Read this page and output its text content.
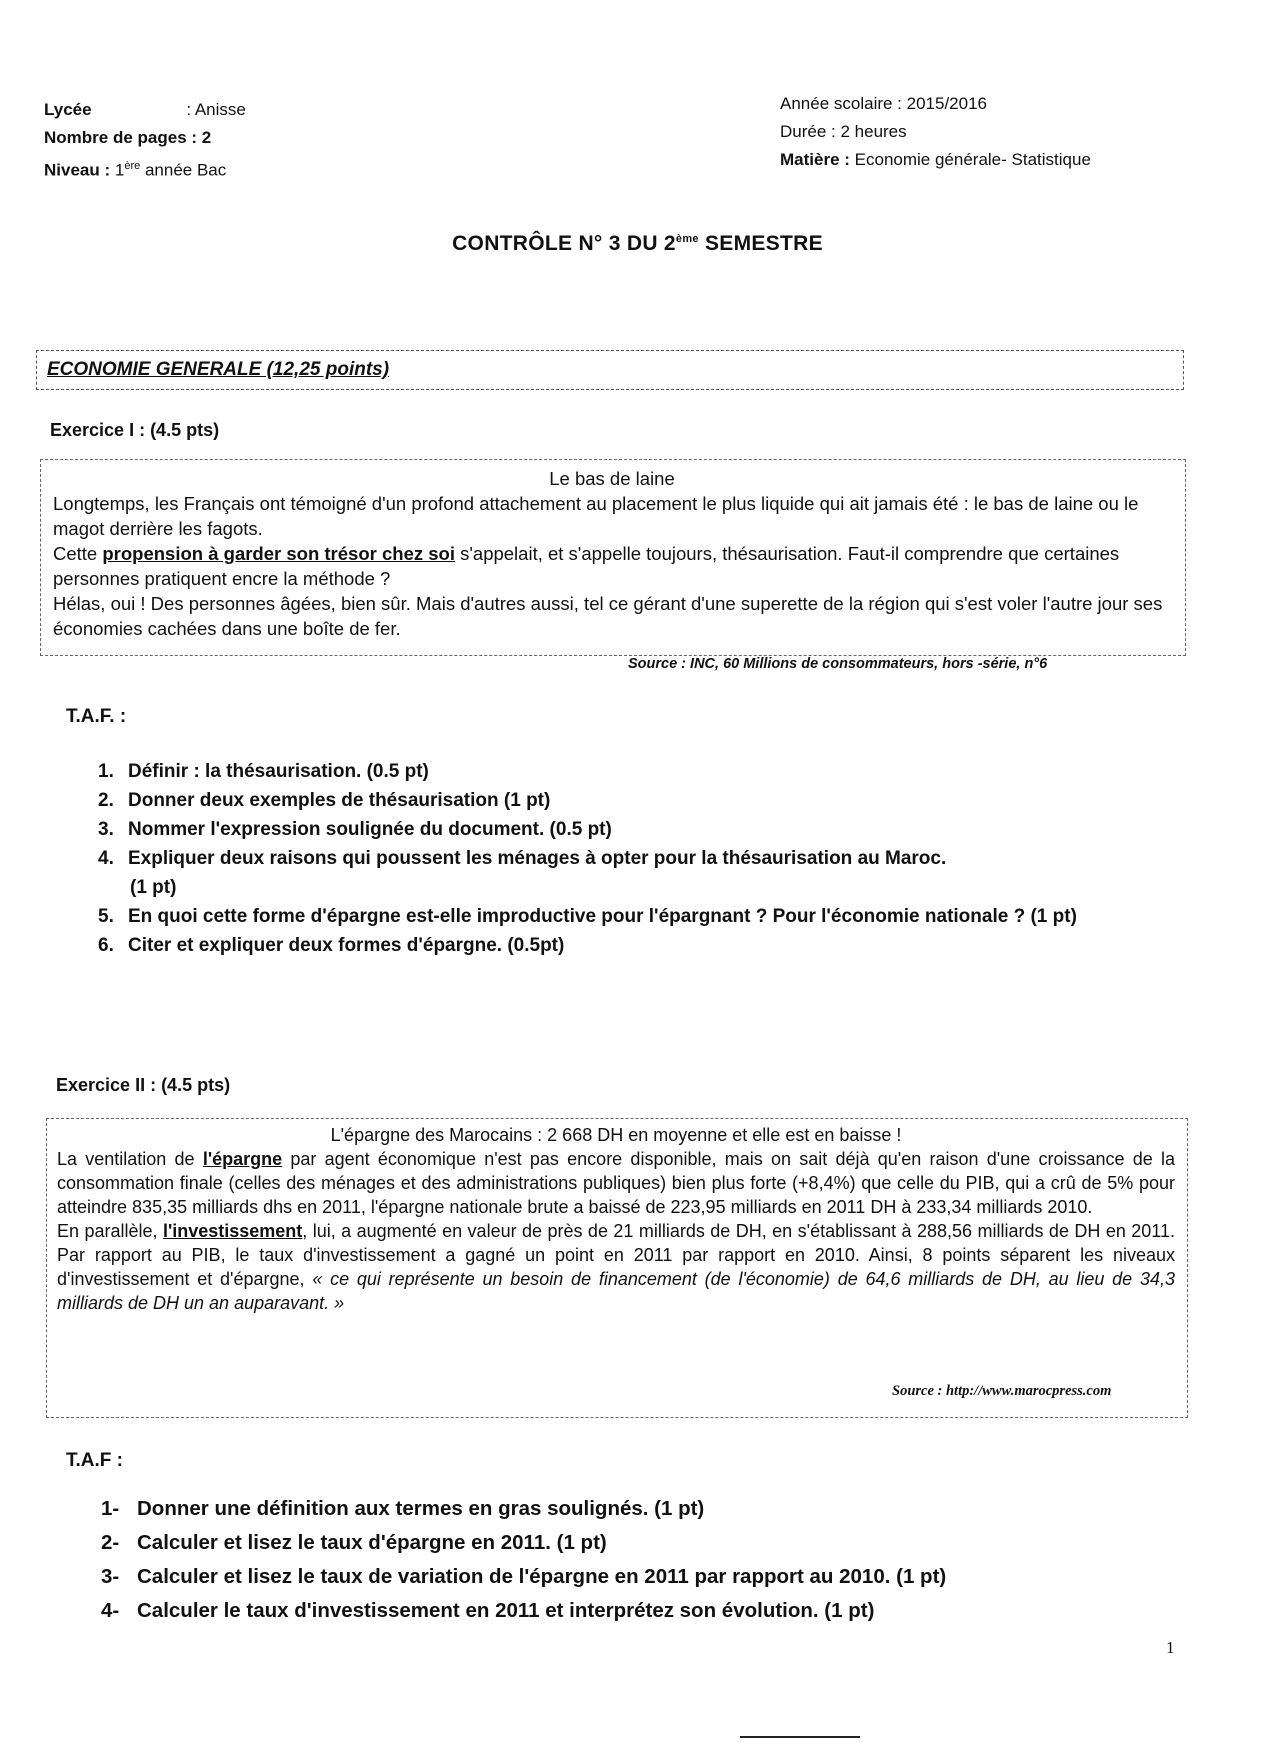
Lycée	: Anisse
Nombre de pages : 2
Niveau : 1ère année Bac
Année scolaire : 2015/2016
Durée : 2 heures
Matière : Economie générale- Statistique
CONTRÔLE N° 3 DU 2ème SEMESTRE
ECONOMIE GENERALE (12,25 points)
Exercice I : (4.5 pts)
Le bas de laine

Longtemps, les Français ont témoigné d'un profond attachement au placement le plus liquide qui ait jamais été : le bas de laine ou le magot derrière les fagots.

Cette propension à garder son trésor chez soi s'appelait, et s'appelle toujours, thésaurisation. Faut-il comprendre que certaines personnes pratiquent encre la méthode ?

Hélas, oui ! Des personnes âgées, bien sûr. Mais d'autres aussi, tel ce gérant d'une superette de la région qui s'est voler l'autre jour ses économies cachées dans une boîte de fer.

Source : INC, 60 Millions de consommateurs, hors -série, n°6
T.A.F. :
1. Définir : la thésaurisation. (0.5 pt)
2. Donner deux exemples de thésaurisation (1 pt)
3. Nommer l'expression soulignée du document. (0.5 pt)
4. Expliquer deux raisons qui poussent les ménages à opter pour la thésaurisation au Maroc.
(1 pt)
5. En quoi cette forme d'épargne est-elle improductive pour l'épargnant ? Pour l'économie nationale ? (1 pt)
6. Citer et expliquer deux formes d'épargne. (0.5pt)
Exercice II : (4.5 pts)
L'épargne des Marocains : 2 668 DH en moyenne et elle est en baisse !

La ventilation de l'épargne par agent économique n'est pas encore disponible, mais on sait déjà qu'en raison d'une croissance de la consommation finale (celles des ménages et des administrations publiques) bien plus forte (+8,4%) que celle du PIB, qui a crû de 5% pour atteindre 835,35 milliards dhs en 2011, l'épargne nationale brute a baissé de 223,95 milliards en 2011 DH à 233,34 milliards 2010.

En parallèle, l'investissement, lui, a augmenté en valeur de près de 21 milliards de DH, en s'établissant à 288,56 milliards de DH en 2011. Par rapport au PIB, le taux d'investissement a gagné un point en 2011 par rapport en 2010. Ainsi, 8 points séparent les niveaux d'investissement et d'épargne, « ce qui représente un besoin de financement (de l'économie) de 64,6 milliards de DH, au lieu de 34,3 milliards de DH un an auparavant. »

Source : http://www.marocpress.com
T.A.F :
1- Donner une définition aux termes en gras soulignés. (1 pt)
2- Calculer et lisez le taux d'épargne en 2011. (1 pt)
3- Calculer et lisez le taux de variation de l'épargne en 2011 par rapport au 2010. (1 pt)
4- Calculer le taux d'investissement en 2011 et interprétez son évolution. (1 pt)
1
